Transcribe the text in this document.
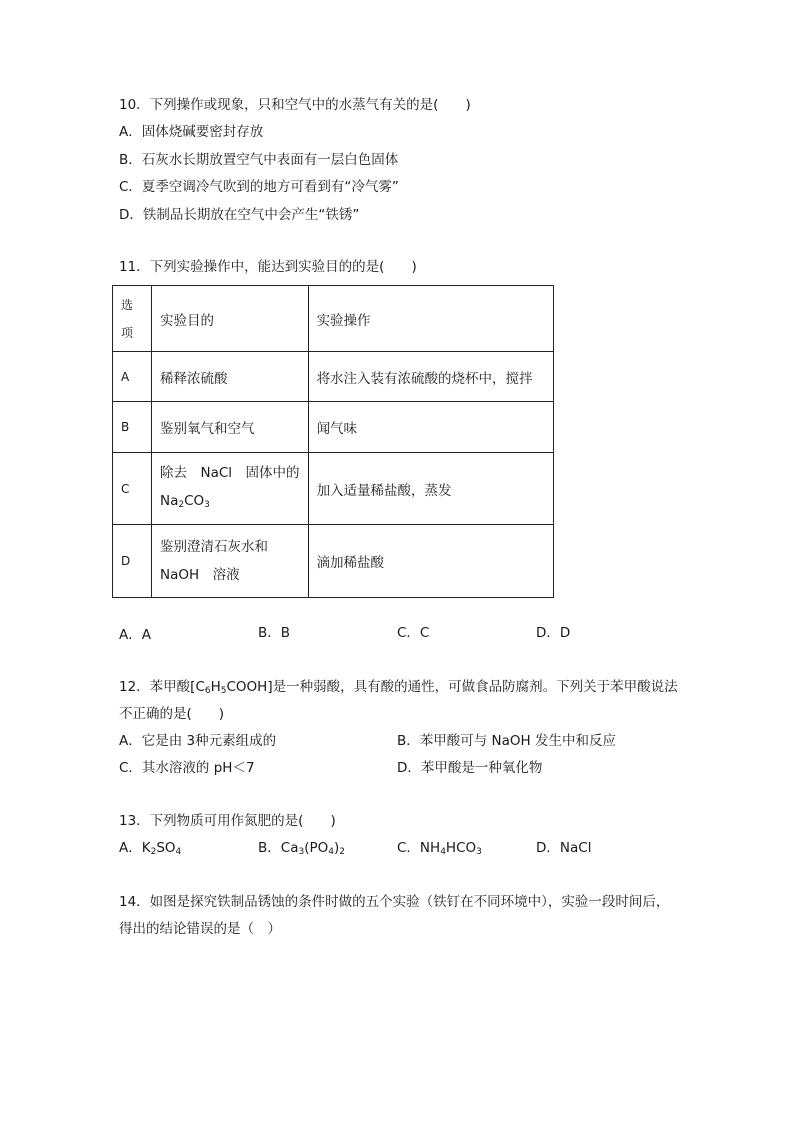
10．下列操作或现象，只和空气中的水蒸气有关的是(　　)
A．固体烧碱要密封存放
B．石灰水长期放置空气中表面有一层白色固体
C．夏季空调冷气吹到的地方可看到有“冷气雾”
D．铁制品长期放在空气中会产生“铁锈”
11．下列实验操作中，能达到实验目的的是(　　)
选
项	实验目的	实验操作
A	稀释浓硫酸	将水注入装有浓硫酸的烧杯中，搅拌
B	鉴别氧气和空气	闻气味
C	除去　NaCl　固体中的
$Na_2CO_3$	加入适量稀盐酸，蒸发
D	鉴别澄清石灰水和
NaOH　溶液	滴加稀盐酸
A．A	B．B	C．C	D．D
12．苯甲酸$[C_6H_5COOH]$是一种弱酸，具有酸的通性，可做食品防腐剂。下列关于苯甲酸说法
不正确的是(　　)
A．它是由 3种元素组成的	B．苯甲酸可与 NaOH 发生中和反应
C．其水溶液的 pH＜7	D．苯甲酸是一种氧化物
13．下列物质可用作氮肥的是(　　)
A．$K_2SO_4$	B．$Ca_3(PO_4)_2$	C．$NH_4HCO_3$	D．NaCl
14．如图是探究铁制品锈蚀的条件时做的五个实验（铁钉在不同环境中），实验一段时间后，
得出的结论错误的是（　）
